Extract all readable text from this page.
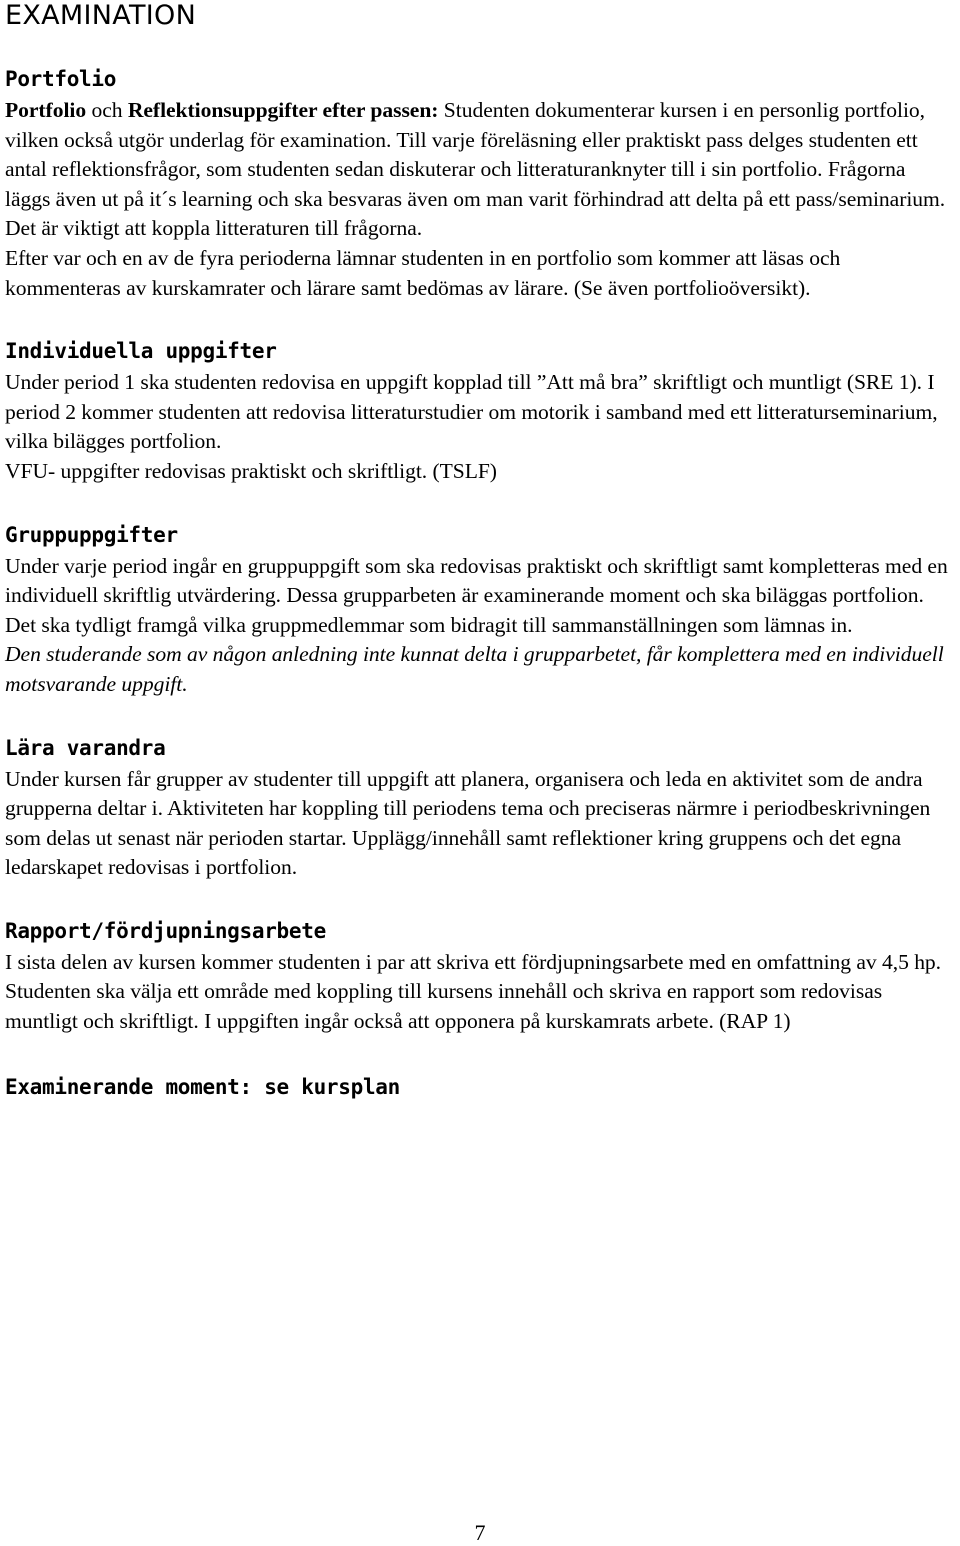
EXAMINATION
Portfolio

Portfolio och Reflektionsuppgifter efter passen: Studenten dokumenterar kursen i en personlig portfolio, vilken också utgör underlag för examination. Till varje föreläsning eller praktiskt pass delges studenten ett antal reflektionsfrågor, som studenten sedan diskuterar och litteraturanknyter till i sin portfolio. Frågorna läggs även ut på it´s learning och ska besvaras även om man varit förhindrad att delta på ett pass/seminarium. Det är viktigt att koppla litteraturen till frågorna.

Efter var och en av de fyra perioderna lämnar studenten in en portfolio som kommer att läsas och kommenteras av kurskamrater och lärare samt bedömas av lärare. (Se även portfolioöversikt).

Individuella uppgifter

Under period 1 ska studenten redovisa en uppgift kopplad till ”Att må bra” skriftligt och muntligt (SRE 1). I period 2 kommer studenten att redovisa litteraturstudier om motorik i samband med ett litteraturseminarium, vilka bilägges portfolion.

VFU- uppgifter redovisas praktiskt och skriftligt. (TSLF)

Gruppuppgifter

Under varje period ingår en gruppuppgift som ska redovisas praktiskt och skriftligt samt kompletteras med en individuell skriftlig utvärdering. Dessa grupparbeten är examinerande moment och ska biläggas portfolion. Det ska tydligt framgå vilka gruppmedlemmar som bidragit till sammanställningen som lämnas in.

Den studerande som av någon anledning inte kunnat delta i grupparbetet, får komplettera med en individuell motsvarande uppgift.

Lära varandra

Under kursen får grupper av studenter till uppgift att planera, organisera och leda en aktivitet som de andra grupperna deltar i. Aktiviteten har koppling till periodens tema och preciseras närmre i periodbeskrivningen som delas ut senast när perioden startar. Upplägg/innehåll samt reflektioner kring gruppens och det egna ledarskapet redovisas i portfolion.

Rapport/fördjupningsarbete

I sista delen av kursen kommer studenten i par att skriva ett fördjupningsarbete med en omfattning av 4,5 hp. Studenten ska välja ett område med koppling till kursens innehåll och skriva en rapport som redovisas muntligt och skriftligt. I uppgiften ingår också att opponera på kurskamrats arbete. (RAP 1)

Examinerande moment: se kursplan
7
